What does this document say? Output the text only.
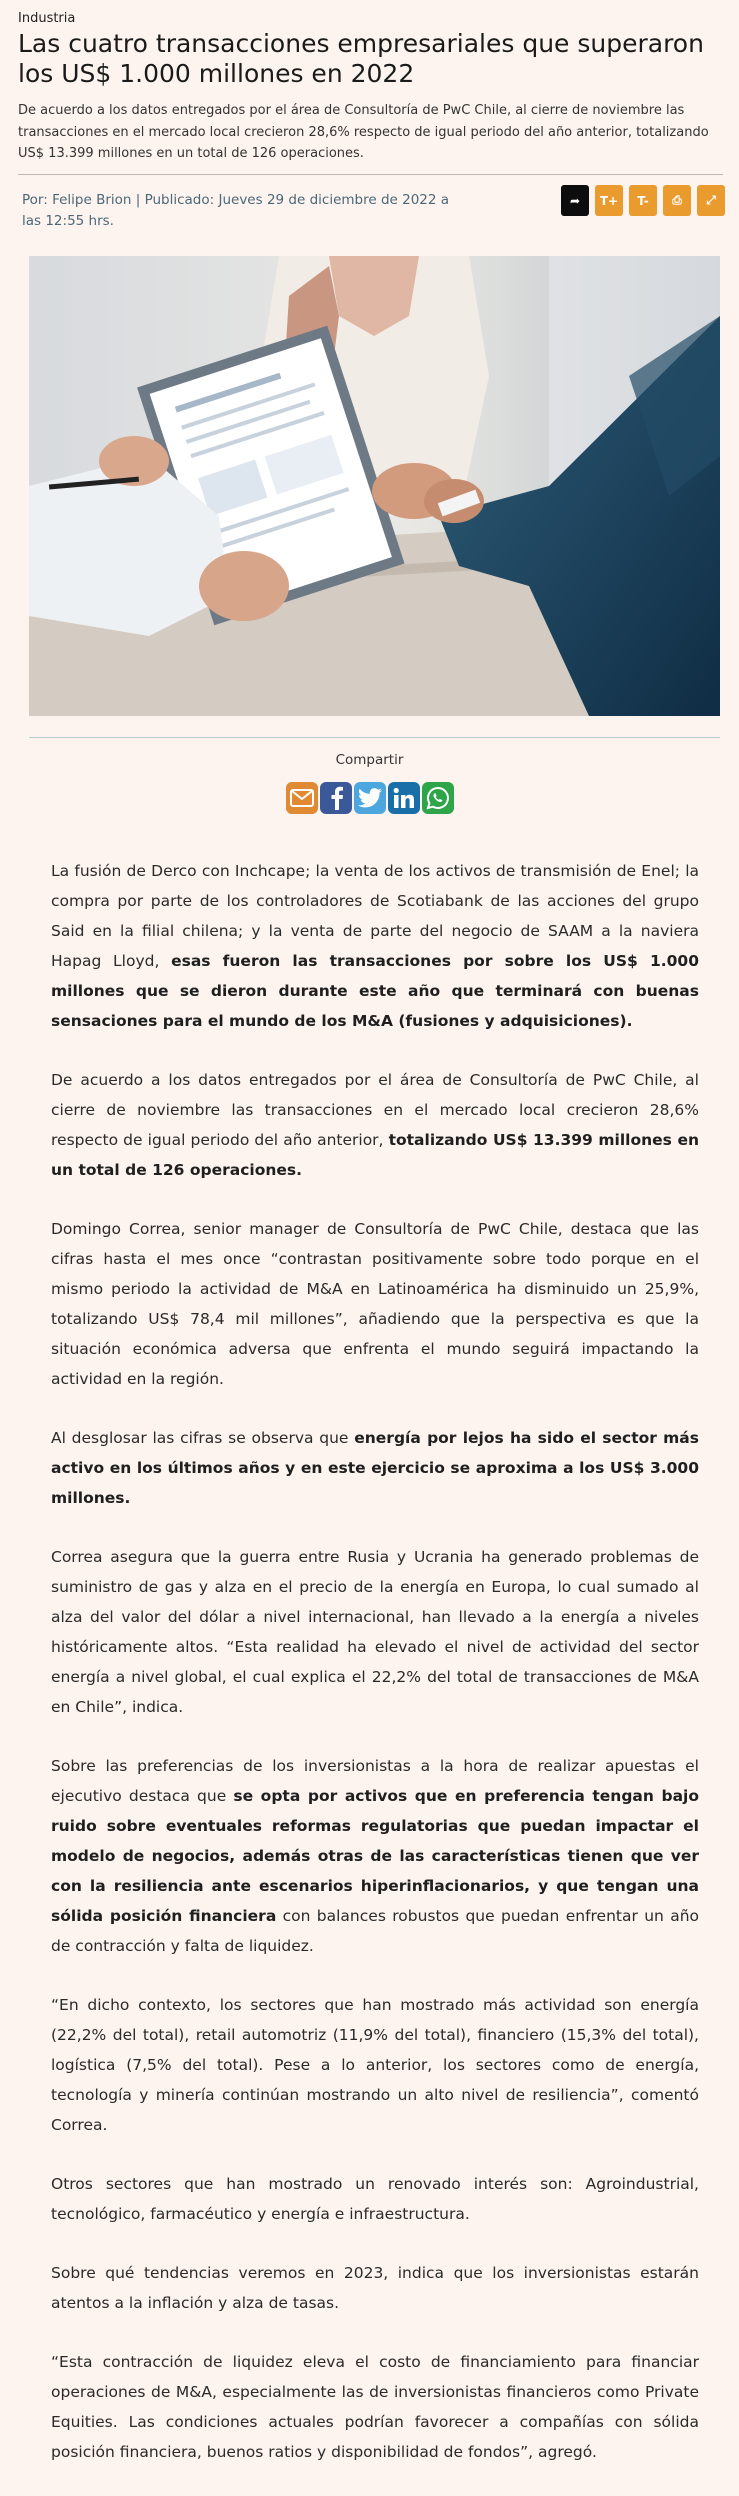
Industria
Las cuatro transacciones empresariales que superaron los US$ 1.000 millones en 2022
De acuerdo a los datos entregados por el área de Consultoría de PwC Chile, al cierre de noviembre las transacciones en el mercado local crecieron 28,6% respecto de igual periodo del año anterior, totalizando US$ 13.399 millones en un total de 126 operaciones.
Por: Felipe Brion | Publicado: Jueves 29 de diciembre de 2022 a las 12:55 hrs.
➦	T+	T-	⎙	⤢
Compartir

La fusión de Derco con Inchcape; la venta de los activos de transmisión de Enel; la compra por parte de los controladores de Scotiabank de las acciones del grupo Said en la filial chilena; y la venta de parte del negocio de SAAM a la naviera Hapag Lloyd, esas fueron las transacciones por sobre los US$ 1.000 millones que se dieron durante este año que terminará con buenas sensaciones para el mundo de los M&A (fusiones y adquisiciones).

De acuerdo a los datos entregados por el área de Consultoría de PwC Chile, al cierre de noviembre las transacciones en el mercado local crecieron 28,6% respecto de igual periodo del año anterior, totalizando US$ 13.399 millones en un total de 126 operaciones.

Domingo Correa, senior manager de Consultoría de PwC Chile, destaca que las cifras hasta el mes once “contrastan positivamente sobre todo porque en el mismo periodo la actividad de M&A en Latinoamérica ha disminuido un 25,9%, totalizando US$ 78,4 mil millones”, añadiendo que la perspectiva es que la situación económica adversa que enfrenta el mundo seguirá impactando la actividad en la región.

Al desglosar las cifras se observa que energía por lejos ha sido el sector más activo en los últimos años y en este ejercicio se aproxima a los US$ 3.000 millones.

Correa asegura que la guerra entre Rusia y Ucrania ha generado problemas de suministro de gas y alza en el precio de la energía en Europa, lo cual sumado al alza del valor del dólar a nivel internacional, han llevado a la energía a niveles históricamente altos. “Esta realidad ha elevado el nivel de actividad del sector energía a nivel global, el cual explica el 22,2% del total de transacciones de M&A en Chile”, indica.

Sobre las preferencias de los inversionistas a la hora de realizar apuestas el ejecutivo destaca que se opta por activos que en preferencia tengan bajo ruido sobre eventuales reformas regulatorias que puedan impactar el modelo de negocios, además otras de las características tienen que ver con la resiliencia ante escenarios hiperinflacionarios, y que tengan una sólida posición financiera con balances robustos que puedan enfrentar un año de contracción y falta de liquidez.

“En dicho contexto, los sectores que han mostrado más actividad son energía (22,2% del total), retail automotriz (11,9% del total), financiero (15,3% del total), logística (7,5% del total). Pese a lo anterior, los sectores como de energía, tecnología y minería continúan mostrando un alto nivel de resiliencia”, comentó Correa.

Otros sectores que han mostrado un renovado interés son: Agroindustrial, tecnológico, farmacéutico y energía e infraestructura.

Sobre qué tendencias veremos en 2023, indica que los inversionistas estarán atentos a la inflación y alza de tasas.

“Esta contracción de liquidez eleva el costo de financiamiento para financiar operaciones de M&A, especialmente las de inversionistas financieros como Private Equities. Las condiciones actuales podrían favorecer a compañías con sólida posición financiera, buenos ratios y disponibilidad de fondos”, agregó.
